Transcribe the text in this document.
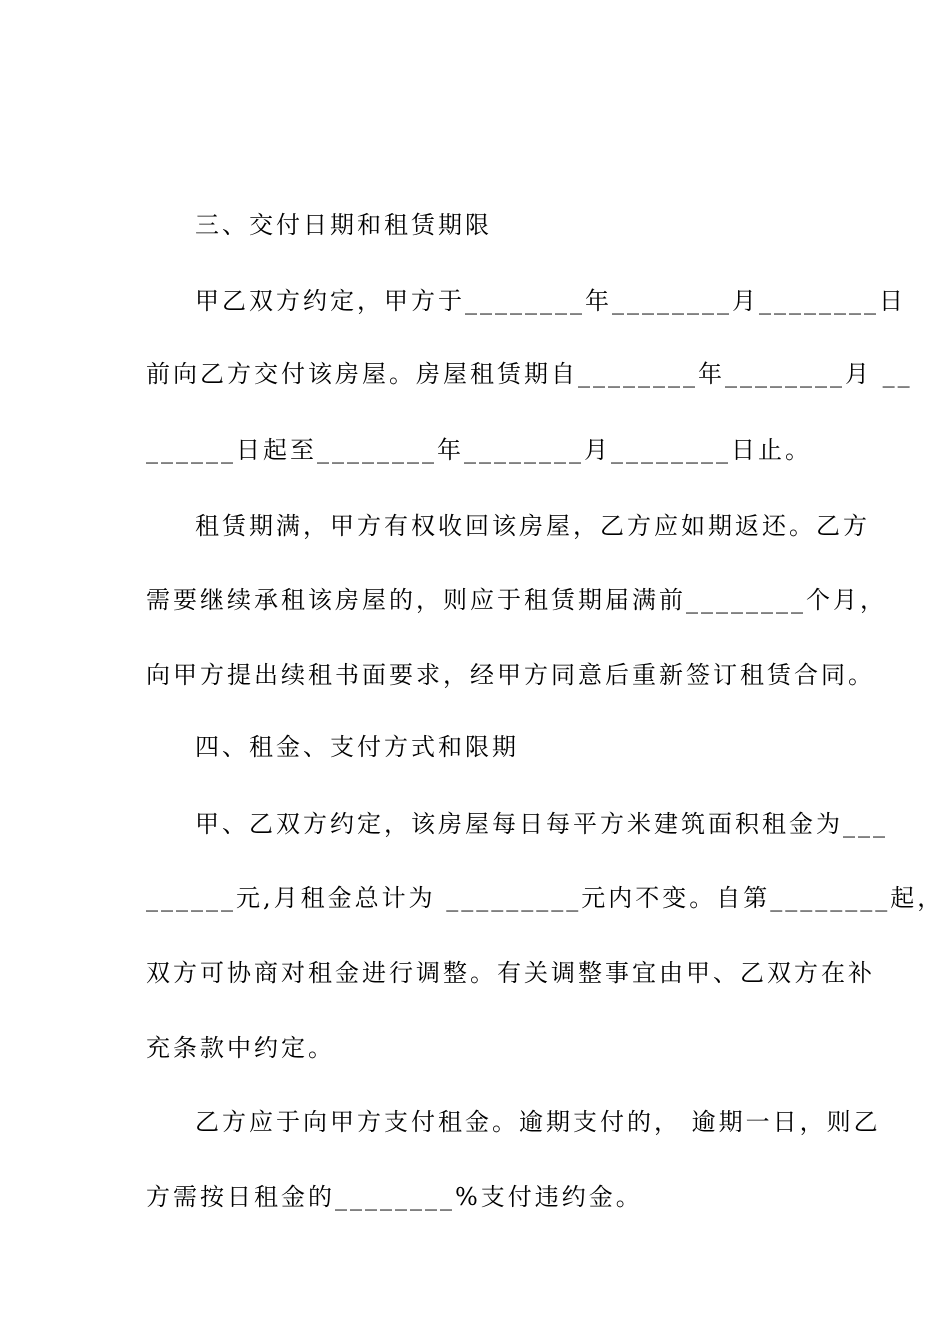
三、交付日期和租赁期限
甲乙双方约定，甲方于________年________月________日
前向乙方交付该房屋。房屋租赁期自________年________月 __
______日起至________年________月________日止。
租赁期满，甲方有权收回该房屋，乙方应如期返还。乙方
需要继续承租该房屋的，则应于租赁期届满前________个月，
向甲方提出续租书面要求，经甲方同意后重新签订租赁合同。
四、租金、支付方式和限期
甲、乙双方约定，该房屋每日每平方米建筑面积租金为___
______元,月租金总计为 _________元内不变。自第________起，
双方可协商对租金进行调整。有关调整事宜由甲、乙双方在补
充条款中约定。
乙方应于向甲方支付租金。逾期支付的， 逾期一日，则乙
方需按日租金的________%支付违约金。
